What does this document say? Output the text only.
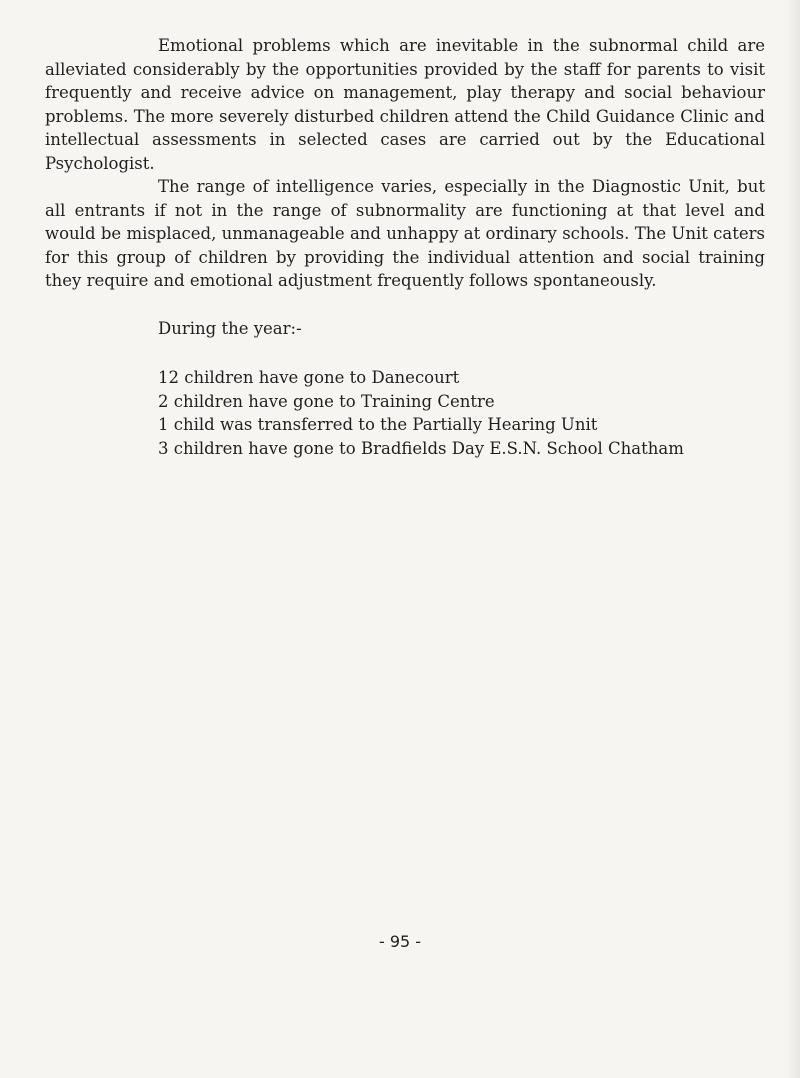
Emotional problems which are inevitable in the subnormal child are alleviated considerably by the opportunities provided by the staff for parents to visit frequently and receive advice on management, play therapy and social behaviour problems. The more severely disturbed children attend the Child Guidance Clinic and intellectual assessments in selected cases are carried out by the Educational Psychologist.

The range of intelligence varies, especially in the Diagnostic Unit, but all entrants if not in the range of subnormality are functioning at that level and would be misplaced, unmanageable and unhappy at ordinary schools. The Unit caters for this group of children by providing the individual attention and social training they require and emotional adjustment frequently follows spontaneously.

During the year:-

12 children have gone to Danecourt
2 children have gone to Training Centre
1 child was transferred to the Partially Hearing Unit
3 children have gone to Bradfields Day E.S.N. School Chatham

- 95 -
